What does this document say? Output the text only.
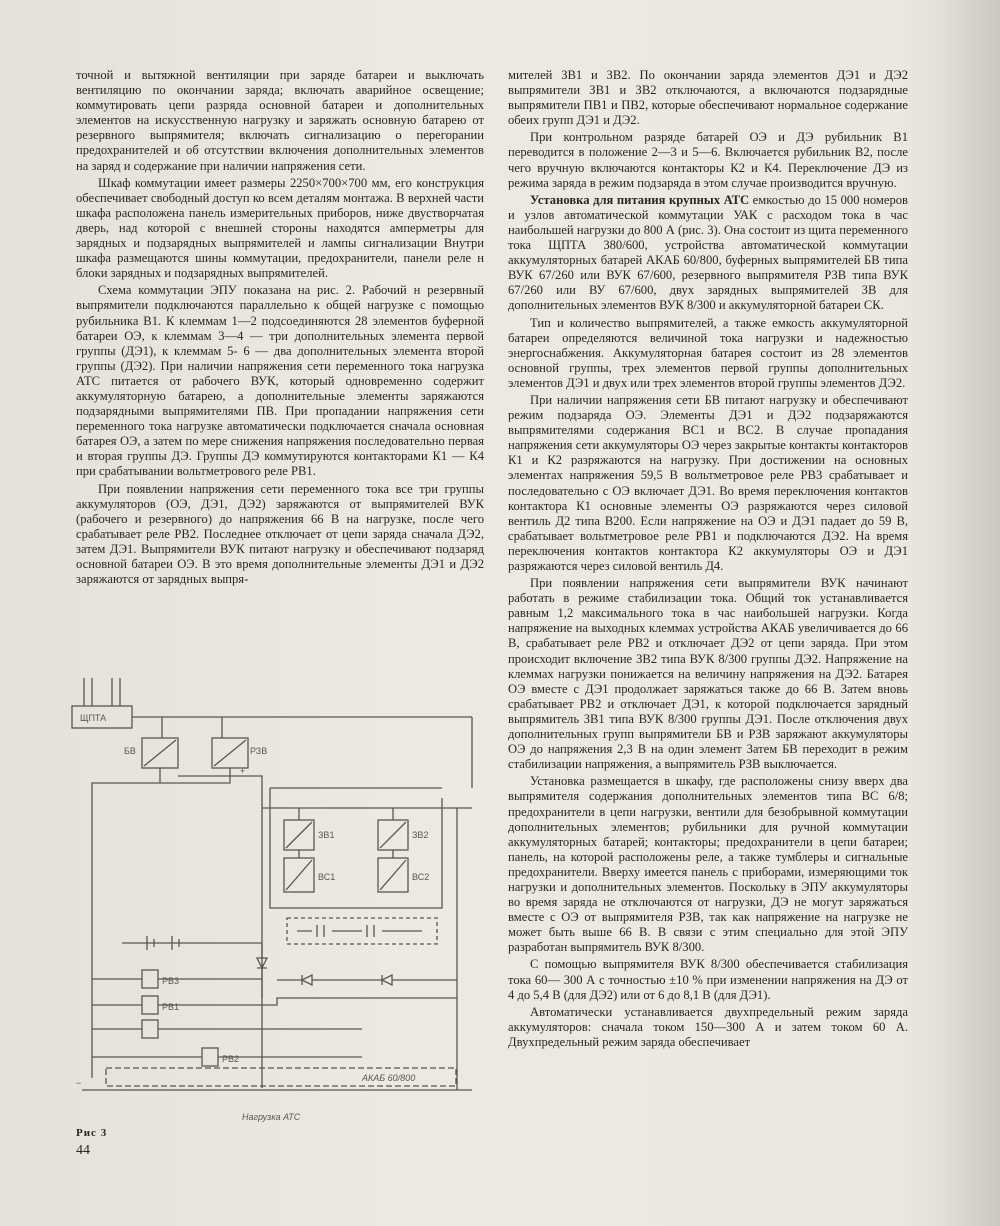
точной и вытяжной вентиляции при заряде батареи и выключать вентиляцию по окончании заряда; включать аварийное освещение; коммутировать цепи разряда основной батареи и дополнительных элементов на искусственную нагрузку и заряжать основную батарею от резервного выпрямителя; включать сигнализацию о перегорании предохранителей и об отсутствии включения дополнительных элементов на заряд и содержание при наличии напряжения сети.

Шкаф коммутации имеет размеры 2250×700×700 мм, его конструкция обеспечивает свободный доступ ко всем деталям монтажа. В верхней части шкафа расположена панель измерительных приборов, ниже двустворчатая дверь, над которой с внешней стороны находятся амперметры для зарядных и подзарядных выпрямителей и лампы сигнализации Внутри шкафа размещаются шины коммутации, предохранители, панели реле н блоки зарядных и подзарядных выпрямителей.

Схема коммутации ЭПУ показана на рис. 2. Рабочий н резервный выпрямители подключаются параллельно к общей нагрузке с помощью рубильника В1. К клеммам 1—2 подсоединяются 28 элементов буферной батареи ОЭ, к клеммам 3—4 — три дополнительных элемента первой группы (ДЭ1), к клеммам 5- 6 — два дополнительных элемента второй группы (ДЭ2). При наличии напряжения сети переменного тока нагрузка АТС питается от рабочего ВУК, который одновременно содержит аккумуляторную батарею, а дополнительные элементы заряжаются подзарядными выпрямителями ПВ. При пропадании напряжения сети переменного тока нагрузке автоматически подключается сначала основная батарея ОЭ, а затем по мере снижения напряжения последовательно первая и вторая группы ДЭ. Группы ДЭ коммутируются контакторами К1 — К4 при срабатывании вольтметрового реле РВ1.

При появлении напряжения сети переменного тока все три группы аккумуляторов (ОЭ, ДЭ1, ДЭ2) заряжаются от выпрямителей ВУК (рабочего и резервного) до напряжения 66 В на нагрузке, после чего срабатывает реле РВ2. Последнее отключает от цепи заряда сначала ДЭ2, затем ДЭ1. Выпрямители ВУК питают нагрузку и обеспечивают подзаряд основной батареи ОЭ. В это время дополнительные элементы ДЭ1 и ДЭ2 заряжаются от зарядных выпря-

мителей ЗВ1 и ЗВ2. По окончании заряда элементов ДЭ1 и ДЭ2 выпрямители ЗВ1 и ЗВ2 отключаются, а включаются подзарядные выпрямители ПВ1 и ПВ2, которые обеспечивают нормальное содержание обеих групп ДЭ1 и ДЭ2.

При контрольном разряде батарей ОЭ и ДЭ рубильник В1 переводится в положение 2—3 и 5—6. Включается рубильник В2, после чего вручную включаются контакторы К2 и К4. Переключение ДЭ из режима заряда в режим подзаряда в этом случае производится вручную.

Установка для питания крупных АТС емкостью до 15 000 номеров и узлов автоматической коммутации УАК с расходом тока в час наибольшей нагрузки до 800 А (рис. 3). Она состоит из щита переменного тока ЩПТА 380/600, устройства автоматической коммутации аккумуляторных батарей АКАБ 60/800, буферных выпрямителей БВ типа ВУК 67/260 или ВУК 67/600, резервного выпрямителя РЗВ типа ВУК 67/260 или ВУ 67/600, двух зарядных выпрямителей ЗВ для дополнительных элементов ВУК 8/300 и аккумуляторной батареи СК.

Тип и количество выпрямителей, а также емкость аккумуляторной батареи определяются величиной тока нагрузки и надежностью энергоснабжения. Аккумуляторная батарея состоит из 28 элементов основной группы, трех элементов первой группы дополнительных элементов ДЭ1 и двух или трех элементов второй группы элементов ДЭ2.

При наличии напряжения сети БВ питают нагрузку и обеспечивают режим подзаряда ОЭ. Элементы ДЭ1 и ДЭ2 подзаряжаются выпрямителями содержания ВС1 и ВС2. В случае пропадания напряжения сети аккумуляторы ОЭ через закрытые контакты контакторов К1 и К2 разряжаются на нагрузку. При достижении на основных элементах напряжения 59,5 В вольтметровое реле РВ3 срабатывает и последовательно с ОЭ включает ДЭ1. Во время переключения контактов контактора К1 основные элементы ОЭ разряжаются через силовой вентиль Д2 типа В200. Если напряжение на ОЭ и ДЭ1 падает до 59 В, срабатывает вольтметровое реле РВ1 и подключаются ДЭ2. На время переключения контактов контактора К2 аккумуляторы ОЭ и ДЭ1 разряжаются через силовой вентиль Д4.

При появлении напряжения сети выпрямители ВУК начинают работать в режиме стабилизации тока. Общий ток устанавливается равным 1,2 максимального тока в час наибольшей нагрузки. Когда напряжение на выходных клеммах устройства АКАБ увеличивается до 66 В, срабатывает реле РВ2 и отключает ДЭ2 от цепи заряда. При этом происходит включение ЗВ2 типа ВУК 8/300 группы ДЭ2. Напряжение на клеммах нагрузки понижается на величину напряжения на ДЭ2. Батарея ОЭ вместе с ДЭ1 продолжает заряжаться также до 66 В. Затем вновь срабатывает РВ2 и отключает ДЭ1, к которой подключается зарядный выпрямитель ЗВ1 типа ВУК 8/300 группы ДЭ1. После отключения двух дополнительных групп выпрямители БВ и РЗВ заряжают аккумуляторы ОЭ до напряжения 2,3 В на один элемент Затем БВ переходит в режим стабилизации напряжения, а выпрямитель РЗВ выключается.

Установка размещается в шкафу, где расположены снизу вверх два выпрямителя содержания дополнительных элементов типа ВС 6/8; предохранители в цепи нагрузки, вентили для безобрывной коммутации дополнительных элементов; рубильники для ручной коммутации аккумуляторных батарей; контакторы; предохранители в цепи батареи; панель, на которой расположены реле, а также тумблеры и сигнальные предохранители. Вверху имеется панель с приборами, измеряющими ток нагрузки и дополнительных элементов. Поскольку в ЭПУ аккумуляторы во время заряда не отключаются от нагрузки, ДЭ не могут заряжаться вместе с ОЭ от выпрямителя РЗВ, так как напряжение на нагрузке не может быть выше 66 В. В связи с этим специально для этой ЭПУ разработан выпрямитель ВУК 8/300.

С помощью выпрямителя ВУК 8/300 обеспечивается стабилизация тока 60— 300 А с точностью ±10 % при изменении напряжения на ДЭ от 4 до 5,4 В (для ДЭ2) или от 6 до 8,1 В (для ДЭ1).

Автоматически устанавливается двухпредельный режим заряда аккумуляторов: сначала током 150—300 А и затем током 60 А. Двухпредельный режим заряда обеспечивает

ЩПТА
БВ	РЗВ
ЗВ1	ЗВ2
ВС1	ВС2
РВ3
РВ1
РВ2
АКАБ 60/800
Нагрузка АТС
+
−
Рис 3
44
